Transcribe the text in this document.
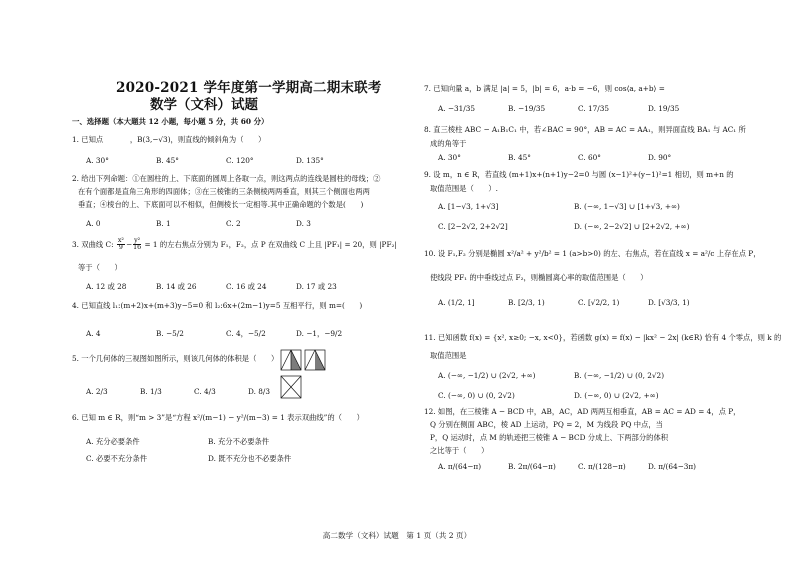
2020-2021 学年度第一学期高二期末联考
数学（文科）试题
一、选择题（本大题共 12 小题，每小题 5 分，共 60 分）
1. 已知点	，B(3,−√3)，则直线的倾斜角为（　　）
A. 30°	B. 45°	C. 120°	D. 135°
2. 给出下列命题：①在圆柱的上、下底面的圆周上各取一点，则这两点的连线是圆柱的母线；②
在有个面都是直角三角形的四面体；③在三棱锥的三条侧棱两两垂直，则其三个侧面也两两
垂直；④棱台的上、下底面可以不相似，但侧棱长一定相等.其中正确命题的个数是(　　)
A. 0	B. 1	C. 2	D. 3
3. 双曲线 C: $\frac{\text{x²}}{9} - \frac{\text{y²}}{16} = 1$ 的左右焦点分别为 F₁，F₂，点 P 在双曲线 C 上且 |PF₁| = 20，则 |PF₂|
等于（　　）
A. 12 或 28	B. 14 或 26	C. 16 或 24	D. 17 或 23
4. 已知直线 l₁:(m+2)x+(m+3)y−5=0 和 l₂:6x+(2m−1)y=5 互相平行，则 m=(　　)
A. 4	B. −5/2	C. 4，−5/2	D. −1，−9/2
5. 一个几何体的三视图如图所示，则该几何体的体积是（　　）
A. 2/3	B. 1/3	C. 4/3	D. 8/3
6. 已知 m ∈ R，则“m > 3”是“方程 x²/(m−1) − y²/(m−3) = 1 表示双曲线”的（　　）
A. 充分必要条件	B. 充分不必要条件
C. 必要不充分条件	D. 既不充分也不必要条件
7. 已知向量 a，b 满足 |a| = 5，|b| = 6，a·b = −6，则 cos⟨a, a+b⟩ =
A. −31/35	B. −19/35	C. 17/35	D. 19/35
8. 直三棱柱 ABC − A₁B₁C₁ 中，若∠BAC = 90°，AB = AC = AA₁，则异面直线 BA₁ 与 AC₁ 所
成的角等于
A. 30°	B. 45°	C. 60°	D. 90°
9. 设 m，n ∈ R，若直线 (m+1)x+(n+1)y−2=0 与圆 (x−1)²+(y−1)²=1 相切，则 m+n 的
取值范围是（　　）.
A. [1−√3, 1+√3]	B. (−∞, 1−√3] ∪ [1+√3, +∞)
C. [2−2√2, 2+2√2]	D. (−∞, 2−2√2] ∪ [2+2√2, +∞)
10. 设 F₁,F₂ 分别是椭圆 x²/a² + y²/b² = 1 (a>b>0) 的左、右焦点，若在直线 x = a²/c 上存在点 P，
使线段 PF₁ 的中垂线过点 F₂，则椭圆离心率的取值范围是（　　）
A. (1/2, 1]	B. [2/3, 1)	C. [√2/2, 1)	D. [√3/3, 1)
11. 已知函数 f(x) = {x², x≥0; −x, x<0}，若函数 g(x) = f(x) − |kx² − 2x| (k∈R) 恰有 4 个零点，则 k 的
取值范围是
A. (−∞, −1/2) ∪ (2√2, +∞)	B. (−∞, −1/2) ∪ (0, 2√2)
C. (−∞, 0) ∪ (0, 2√2)	D. (−∞, 0) ∪ (2√2, +∞)
12. 如图，在三棱锥 A − BCD 中，AB，AC，AD 两两互相垂直，AB = AC = AD = 4，点 P，
Q 分别在侧面 ABC，棱 AD 上运动，PQ = 2，M 为线段 PQ 中点，当
P，Q 运动时，点 M 的轨迹把三棱锥 A − BCD 分成上、下两部分的体积
之比等于（　　）
A. π/(64−π)	B. 2π/(64−π)	C. π/(128−π)	D. π/(64−3π)
高二数学（文科）试题　第 1 页（共 2 页）
